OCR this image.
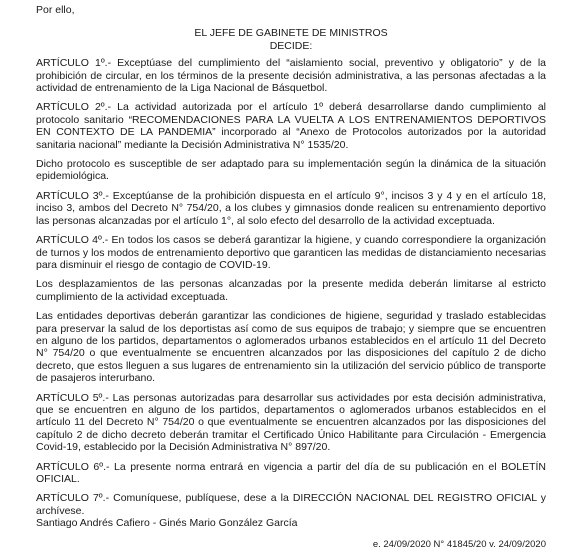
Por ello,

EL JEFE DE GABINETE DE MINISTROS

DECIDE:

ARTÍCULO 1º.- Exceptúase del cumplimiento del “aislamiento social, preventivo y obligatorio” y de la prohibición de circular, en los términos de la presente decisión administrativa, a las personas afectadas a la actividad de entrenamiento de la Liga Nacional de Básquetbol.

ARTÍCULO 2º.- La actividad autorizada por el artículo 1º deberá desarrollarse dando cumplimiento al protocolo sanitario “RECOMENDACIONES PARA LA VUELTA A LOS ENTRENAMIENTOS DEPORTIVOS EN CONTEXTO DE LA PANDEMIA” incorporado al “Anexo de Protocolos autorizados por la autoridad sanitaria nacional” mediante la Decisión Administrativa N° 1535/20.

Dicho protocolo es susceptible de ser adaptado para su implementación según la dinámica de la situación epidemiológica.

ARTÍCULO 3º.- Exceptúanse de la prohibición dispuesta en el artículo 9°, incisos 3 y 4 y en el artículo 18, inciso 3, ambos del Decreto N° 754/20, a los clubes y gimnasios donde realicen su entrenamiento deportivo las personas alcanzadas por el artículo 1°, al solo efecto del desarrollo de la actividad exceptuada.

ARTÍCULO 4º.- En todos los casos se deberá garantizar la higiene, y cuando correspondiere la organización de turnos y los modos de entrenamiento deportivo que garanticen las medidas de distanciamiento necesarias para disminuir el riesgo de contagio de COVID-19.

Los desplazamientos de las personas alcanzadas por la presente medida deberán limitarse al estricto cumplimiento de la actividad exceptuada.

Las entidades deportivas deberán garantizar las condiciones de higiene, seguridad y traslado establecidas para preservar la salud de los deportistas así como de sus equipos de trabajo; y siempre que se encuentren en alguno de los partidos, departamentos o aglomerados urbanos establecidos en el artículo 11 del Decreto N° 754/20 o que eventualmente se encuentren alcanzados por las disposiciones del capítulo 2 de dicho decreto, que estos lleguen a sus lugares de entrenamiento sin la utilización del servicio público de transporte de pasajeros interurbano.

ARTÍCULO 5º.- Las personas autorizadas para desarrollar sus actividades por esta decisión administrativa, que se encuentren en alguno de los partidos, departamentos o aglomerados urbanos establecidos en el artículo 11 del Decreto N° 754/20 o que eventualmente se encuentren alcanzados por las disposiciones del capítulo 2 de dicho decreto deberán tramitar el Certificado Único Habilitante para Circulación - Emergencia Covid-19, establecido por la Decisión Administrativa N° 897/20.

ARTÍCULO 6º.- La presente norma entrará en vigencia a partir del día de su publicación en el BOLETÍN OFICIAL.

ARTÍCULO 7º.- Comuníquese, publíquese, dese a la DIRECCIÓN NACIONAL DEL REGISTRO OFICIAL y archívese.

Santiago Andrés Cafiero - Ginés Mario González García

e. 24/09/2020 N° 41845/20 v. 24/09/2020
